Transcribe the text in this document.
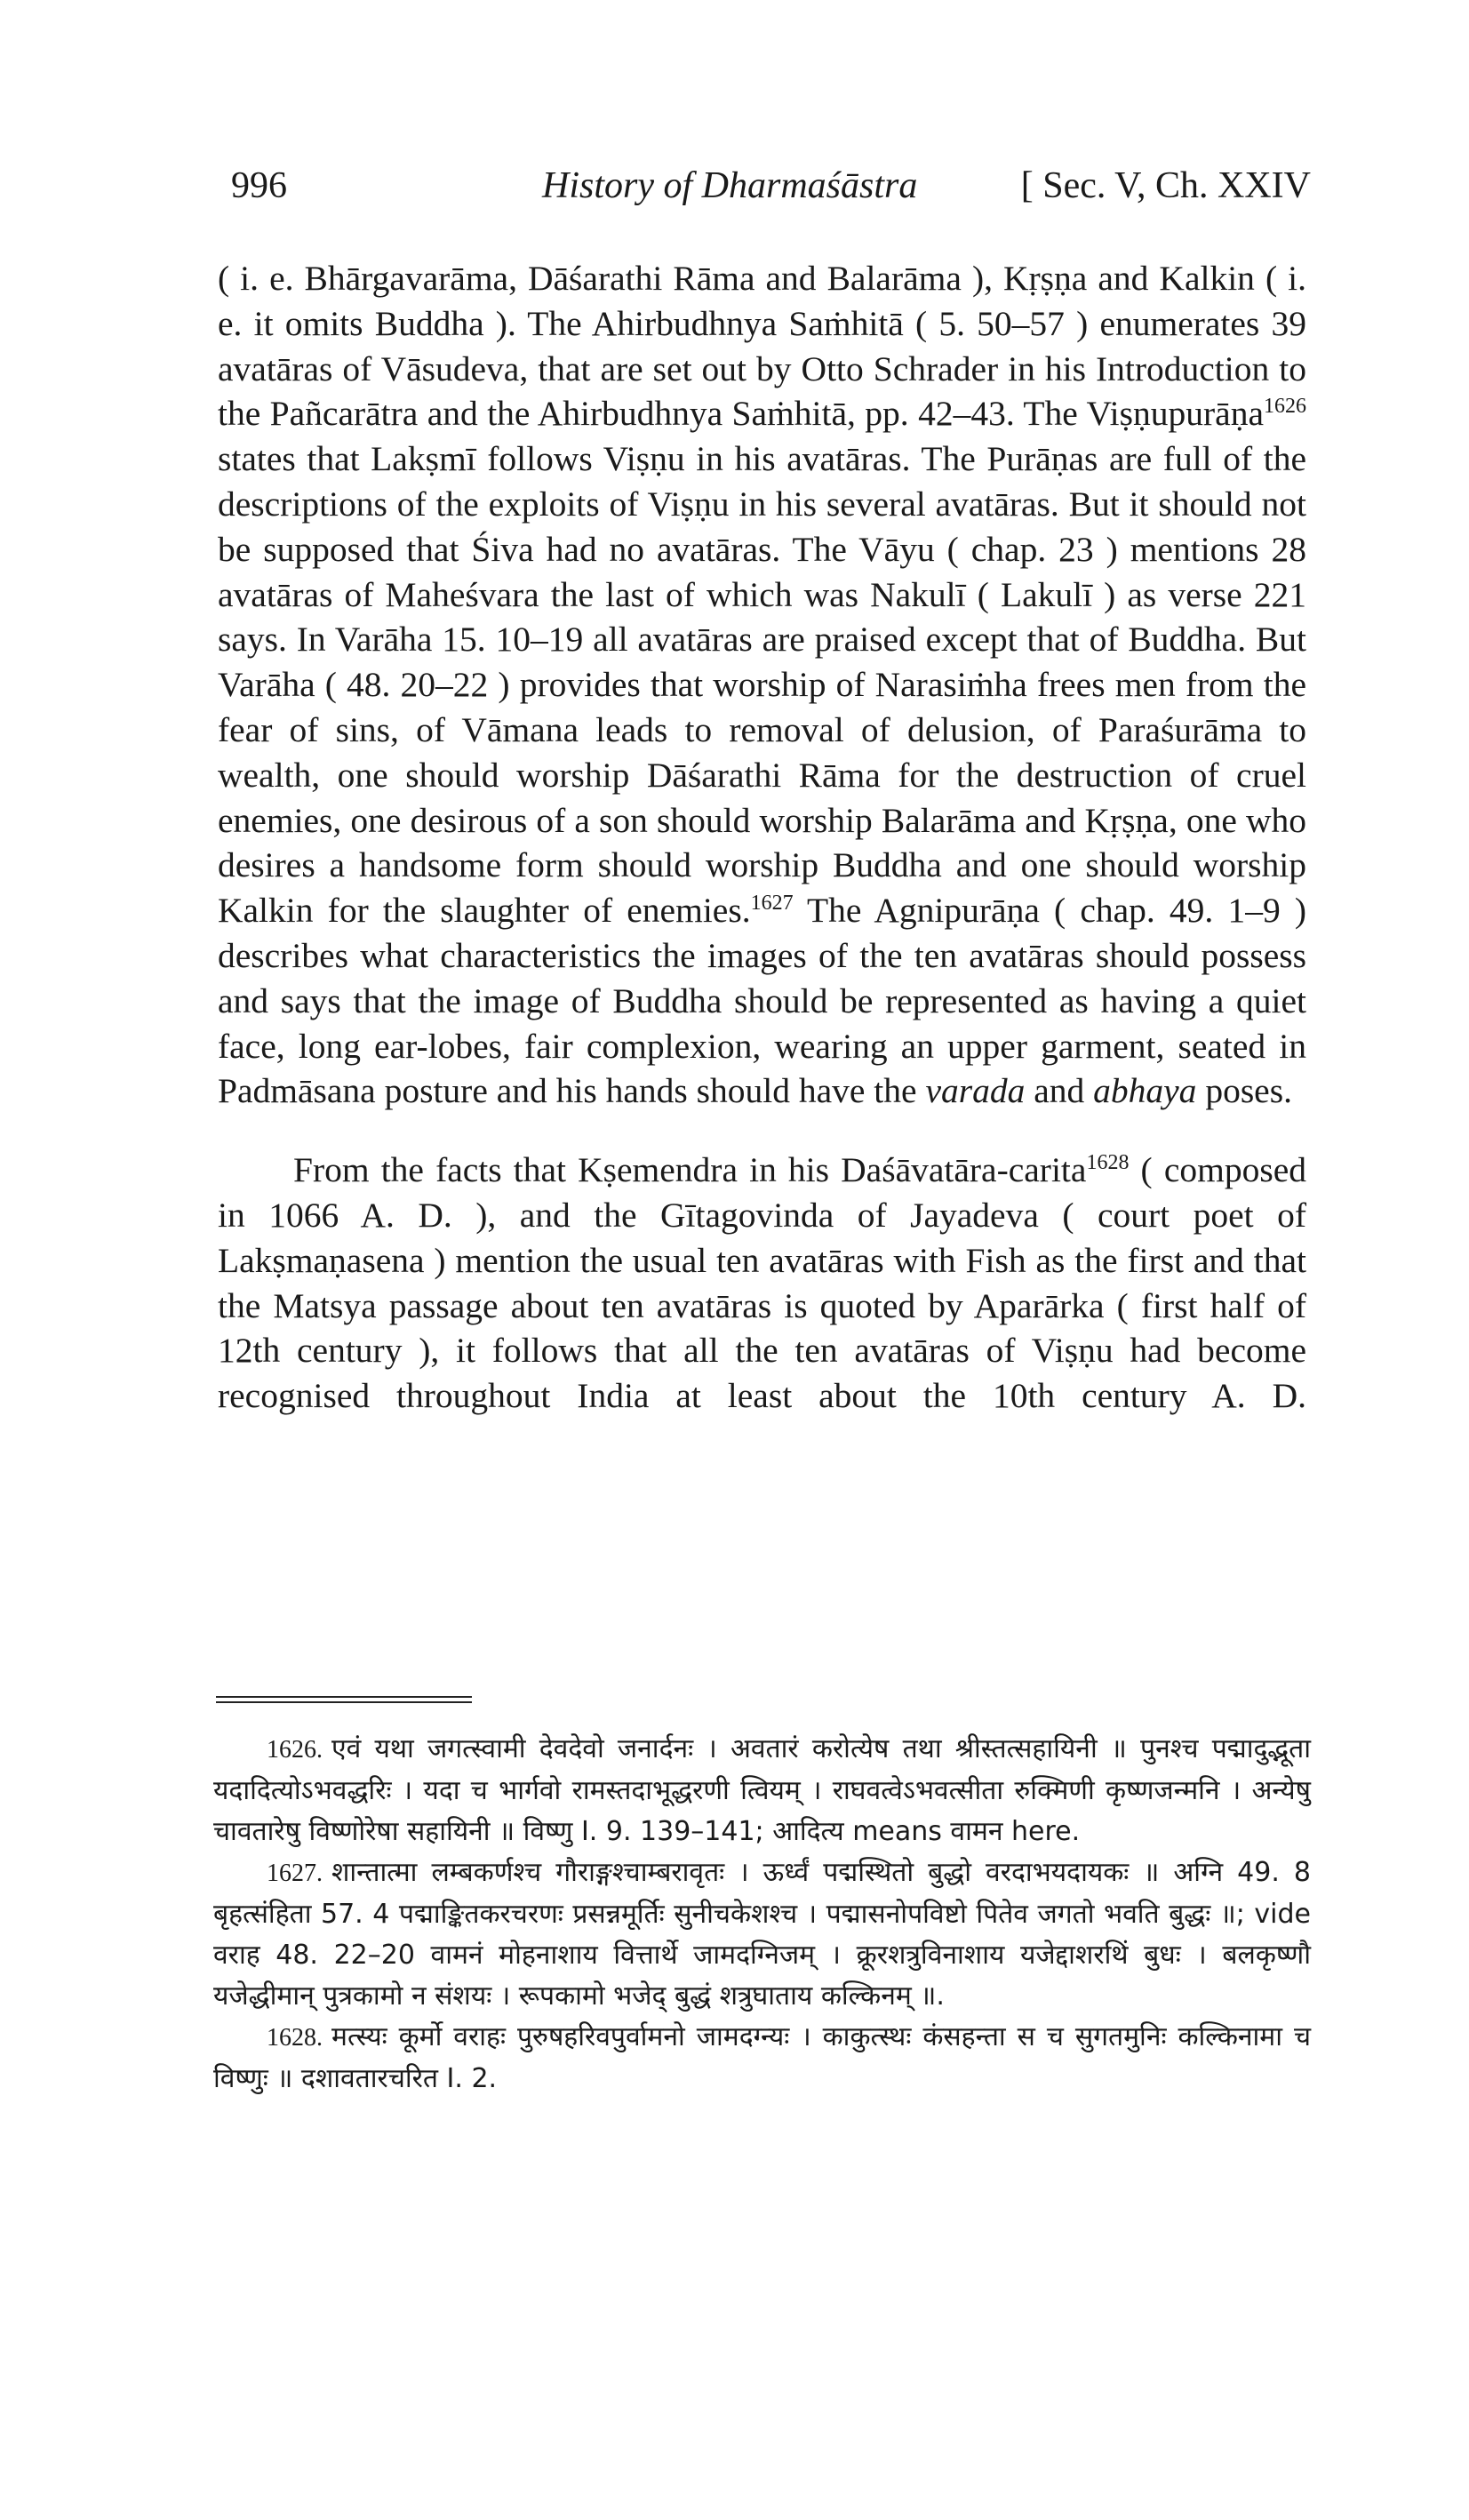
996	History of Dharmaśāstra	[ Sec. V, Ch. XXIV

( i. e. Bhārgavarāma, Dāśarathi Rāma and Balarāma ), Kṛṣṇa and Kalkin ( i. e. it omits Buddha ). The Ahirbudhnya Saṁhitā ( 5. 50–57 ) enumerates 39 avatāras of Vāsudeva, that are set out by Otto Schrader in his Introduction to the Pañcarātra and the Ahirbudhnya Saṁhitā, pp. 42–43. The Viṣṇupurāṇa$^{1626}$ states that Lakṣmī follows Viṣṇu in his avatāras. The Purāṇas are full of the descriptions of the exploits of Viṣṇu in his several avatāras. But it should not be supposed that Śiva had no avatāras. The Vāyu ( chap. 23 ) mentions 28 avatāras of Maheśvara the last of which was Nakulī ( Lakulī ) as verse 221 says. In Varāha 15. 10–19 all avatāras are praised except that of Buddha. But Varāha ( 48. 20–22 ) provides that worship of Narasiṁha frees men from the fear of sins, of Vāmana leads to removal of delusion, of Paraśurāma to wealth, one should worship Dāśarathi Rāma for the destruction of cruel enemies, one desirous of a son should worship Balarāma and Kṛṣṇa, one who desires a handsome form should worship Buddha and one should worship Kalkin for the slaughter of enemies.$^{1627}$ The Agnipurāṇa ( chap. 49. 1–9 ) describes what characteristics the images of the ten avatāras should possess and says that the image of Buddha should be represented as having a quiet face, long ear-lobes, fair complexion, wearing an upper garment, seated in Padmāsana posture and his hands should have the varada and abhaya poses.

From the facts that Kṣemendra in his Daśāvatāra-carita$^{1628}$ ( composed in 1066 A. D. ), and the Gītagovinda of Jayadeva ( court poet of Lakṣmaṇasena ) mention the usual ten avatāras with Fish as the first and that the Matsya passage about ten avatāras is quoted by Aparārka ( first half of 12th century ), it follows that all the ten avatāras of Viṣṇu had become recognised throughout India at least about the 10th century A. D.

1626. एवं यथा जगत्स्वामी देवदेवो जनार्दनः । अवतारं करोत्येष तथा श्रीस्तत्सहायिनी ॥ पुनश्च पद्मादुद्भूता यदादित्योऽभवद्धरिः । यदा च भार्गवो रामस्तदाभूद्धरणी त्वियम् । राघवत्वेऽभवत्सीता रुक्मिणी कृष्णजन्मनि । अन्येषु चावतारेषु विष्णोरेषा सहायिनी ॥ विष्णु I. 9. 139–141; आदित्य means वामन here.

1627. शान्तात्मा लम्बकर्णश्च गौराङ्गश्चाम्बरावृतः । ऊर्ध्वं पद्मस्थितो बुद्धो वरदाभयदायकः ॥ अग्नि 49. 8 बृहत्संहिता 57. 4 पद्माङ्कितकरचरणः प्रसन्नमूर्तिः सुनीचकेशश्च । पद्मासनोपविष्टो पितेव जगतो भवति बुद्धः ॥; vide वराह 48. 22–20 वामनं मोहनाशाय वित्तार्थे जामदग्निजम् । क्रूरशत्रुविनाशाय यजेद्दाशरथिं बुधः । बलकृष्णौ यजेद्धीमान् पुत्रकामो न संशयः । रूपकामो भजेद् बुद्धं शत्रुघाताय कल्किनम् ॥.

1628. मत्स्यः कूर्मो वराहः पुरुषहरिवपुर्वामनो जामदग्न्यः । काकुत्स्थः कंसहन्ता स च सुगतमुनिः कल्किनामा च विष्णुः ॥ दशावतारचरित I. 2.
